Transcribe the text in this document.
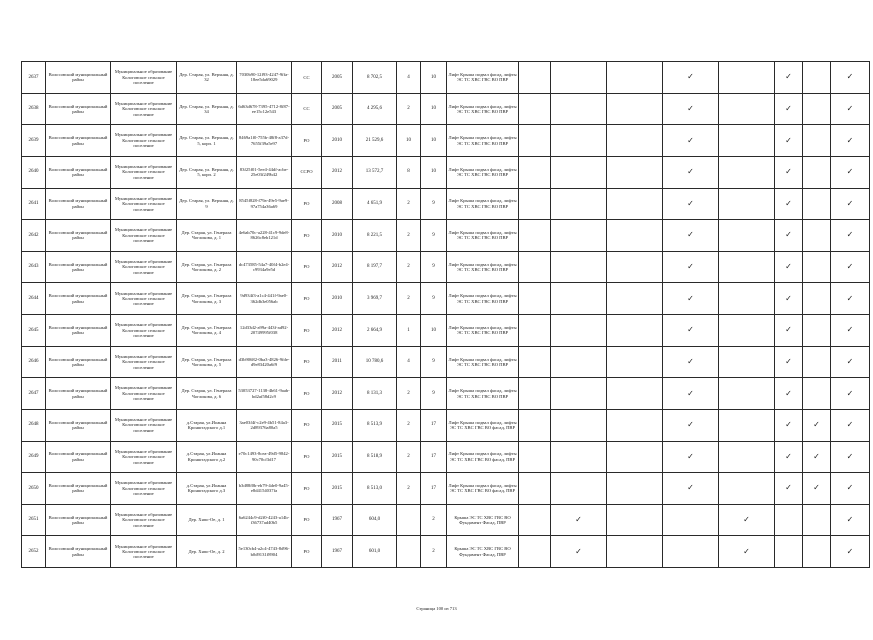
2637	Волосовский муниципальный район	Муниципальное образование Кологовское сельское поселение	Дер. Старая, ул. Верхняя, д. 32	7030b90-12f93-4247-9ffa-18ee5da69029	СС	2005	8 702,5	4	10	Лифт Крыша подвал фасад, лифты ЭС ТС ХВС ГВС ВО ПВР				✓		✓		✓
2638	Волосовский муниципальный район	Муниципальное образование Кологовское сельское поселение	Дер. Старая, ул. Верхняя, д. 34	6d63d678-7395-4712-8f87-ee15c12e543	СС	2005	4 295,6	2	10	Лифт Крыша подвал фасад, лифты ЭС ТС ХВС ГВС ВО ПВР				✓		✓		✓
2639	Волосовский муниципальный район	Муниципальное образование Кологовское сельское поселение	Дер. Старая, ул. Верхняя, д. 5, корп. 1	8469a1f0-755b-48f8-a37d-7655f39a5e97	РО	2010	21 529,6	10	10	Лифт Крыша подвал фасад, лифты ЭС ТС ХВС ГВС ВО ПВР				✓		✓		✓
2640	Волосовский муниципальный район	Муниципальное образование Кологовское сельское поселение	Дер. Старая, ул. Верхняя, д. 5, корп. 2	83f25f01-5ee4-44df-acbe-25e03f249b42	ССРО	2012	13 572,7	8	10	Лифт Крыша подвал фасад, лифты ЭС ТС ХВС ГВС ВО ПВР				✓		✓		✓
2641	Волосовский муниципальный район	Муниципальное образование Кологовское сельское поселение	Дер. Старая, ул. Верхняя, д. 9	8545f828-f79a-49e5-9ae9-97a754a36a69	РО	2008	4 651,9	2	9	Лифт Крыша подвал фасад, лифты ЭС ТС ХВС ГВС ВО ПВР				✓		✓		✓
2642	Волосовский муниципальный район	Муниципальное образование Кологовское сельское поселение	Дер. Старая, ул. Генерала Чоглокова, д. 1	4e6ab70c-a228-41c9-9de8-8626c8eb121d	РО	2010	8 221,5	2	9	Лифт Крыша подвал фасад, лифты ЭС ТС ХВС ГВС ВО ПВР				✓		✓		✓
2643	Волосовский муниципальный район	Муниципальное образование Кологовское сельское поселение	Дер. Старая, ул. Генерала Чоглокова, д. 2	dc473585-54a7-40f4-b2e4-c9934a9e5d	РО	2012	8 197,7	2	9	Лифт Крыша подвал фасад, лифты ЭС ТС ХВС ГВС ВО ПВР				✓		✓		✓
2644	Волосовский муниципальный район	Муниципальное образование Кологовское сельское поселение	Дер. Старая, ул. Генерала Чоглокова, д. 3	9d934f3-a1c4-441f-9ae0-362db3e056ab	РО	2010	3 969,7	2	9	Лифт Крыша подвал фасад, лифты ЭС ТС ХВС ГВС ВО ПВР				✓		✓		✓
2645	Волосовский муниципальный район	Муниципальное образование Кологовское сельское поселение	Дер. Старая, ул. Генерала Чоглокова, д. 4	12d33d2-a99a-443f-ad92-20749995f038	РО	2012	2 664,9	1	10	Лифт Крыша подвал фасад, лифты ЭС ТС ХВС ГВС ВО ПВР				✓		✓		✓
2646	Волосовский муниципальный район	Муниципальное образование Кологовское сельское поселение	Дер. Старая, ул. Генерала Чоглокова, д. 5	d3b90682-0ba3-4826-9fde-d9e83420a6f9	РО	2011	10 780,6	4	9	Лифт Крыша подвал фасад, лифты ЭС ТС ХВС ГВС ВО ПВР				✓		✓		✓
2647	Волосовский муниципальный район	Муниципальное образование Кологовское сельское поселение	Дер. Старая, ул. Генерала Чоглокова, д. 6	53053727-1138-4b61-9aab-bd2af58d2c9	РО	2012	8 131,3	2	9	Лифт Крыша подвал фасад, лифты ЭС ТС ХВС ГВС ВО ПВР				✓		✓		✓
2648	Волосовский муниципальный район	Муниципальное образование Кологовское сельское поселение	д.Старая, ул.Иоанна Кронштадского д.1	3ae03f4f-c2e9-4b51-84a3-2d89376a80a5	РО	2015	8 513,9	2	17	Лифт Крыша подвал фасад, лифты ЭС ТС ХВС ГВС ВО фасад, ПВР				✓		✓	✓	✓
2649	Волосовский муниципальный район	Муниципальное образование Кологовское сельское поселение	д.Старая, ул.Иоанна Кронштадского д.2	e70c1493-8cea-49d5-9842-90c70cf3d17	РО	2015	8 518,9	2	17	Лифт Крыша подвал фасад, лифты ЭС ТС ХВС ГВС ВО фасад, ПВР				✓		✓	✓	✓
2650	Волосовский муниципальный район	Муниципальное образование Кологовское сельское поселение	д.Старая, ул.Иоанна Кронштадского д.3	b3d88f0b-eb79-4de0-9a45-e8d4154037fa	РО	2015	8 513,0	2	17	Лифт Крыша подвал фасад, лифты ЭС ТС ХВС ГВС ВО фасад, ПВР				✓		✓	✓	✓
2651	Волосовский муниципальный район	Муниципальное образование Кологовское сельское поселение	Дер. Хяпо-Ое, д. 1	6a6244c9-d2f0-4243-a14b-f36737ad40b5	РО	1967	604,0		2	Крыша ЭС ТС ХВС ГВС ВО Фундамент Фасад, ПВР		✓			✓			✓
2652	Волосовский муниципальный район	Муниципальное образование Кологовское сельское поселение	Дер. Хяпо-Ое, д. 2	5e130cb4-a2c4-4743-8d96-b0d9131f8904	РО	1967	601,0		2	Крыша ЭС ТС ХВС ГВС ВО Фундамент Фасад, ПВР		✓			✓			✓
Страница 100 из 713
